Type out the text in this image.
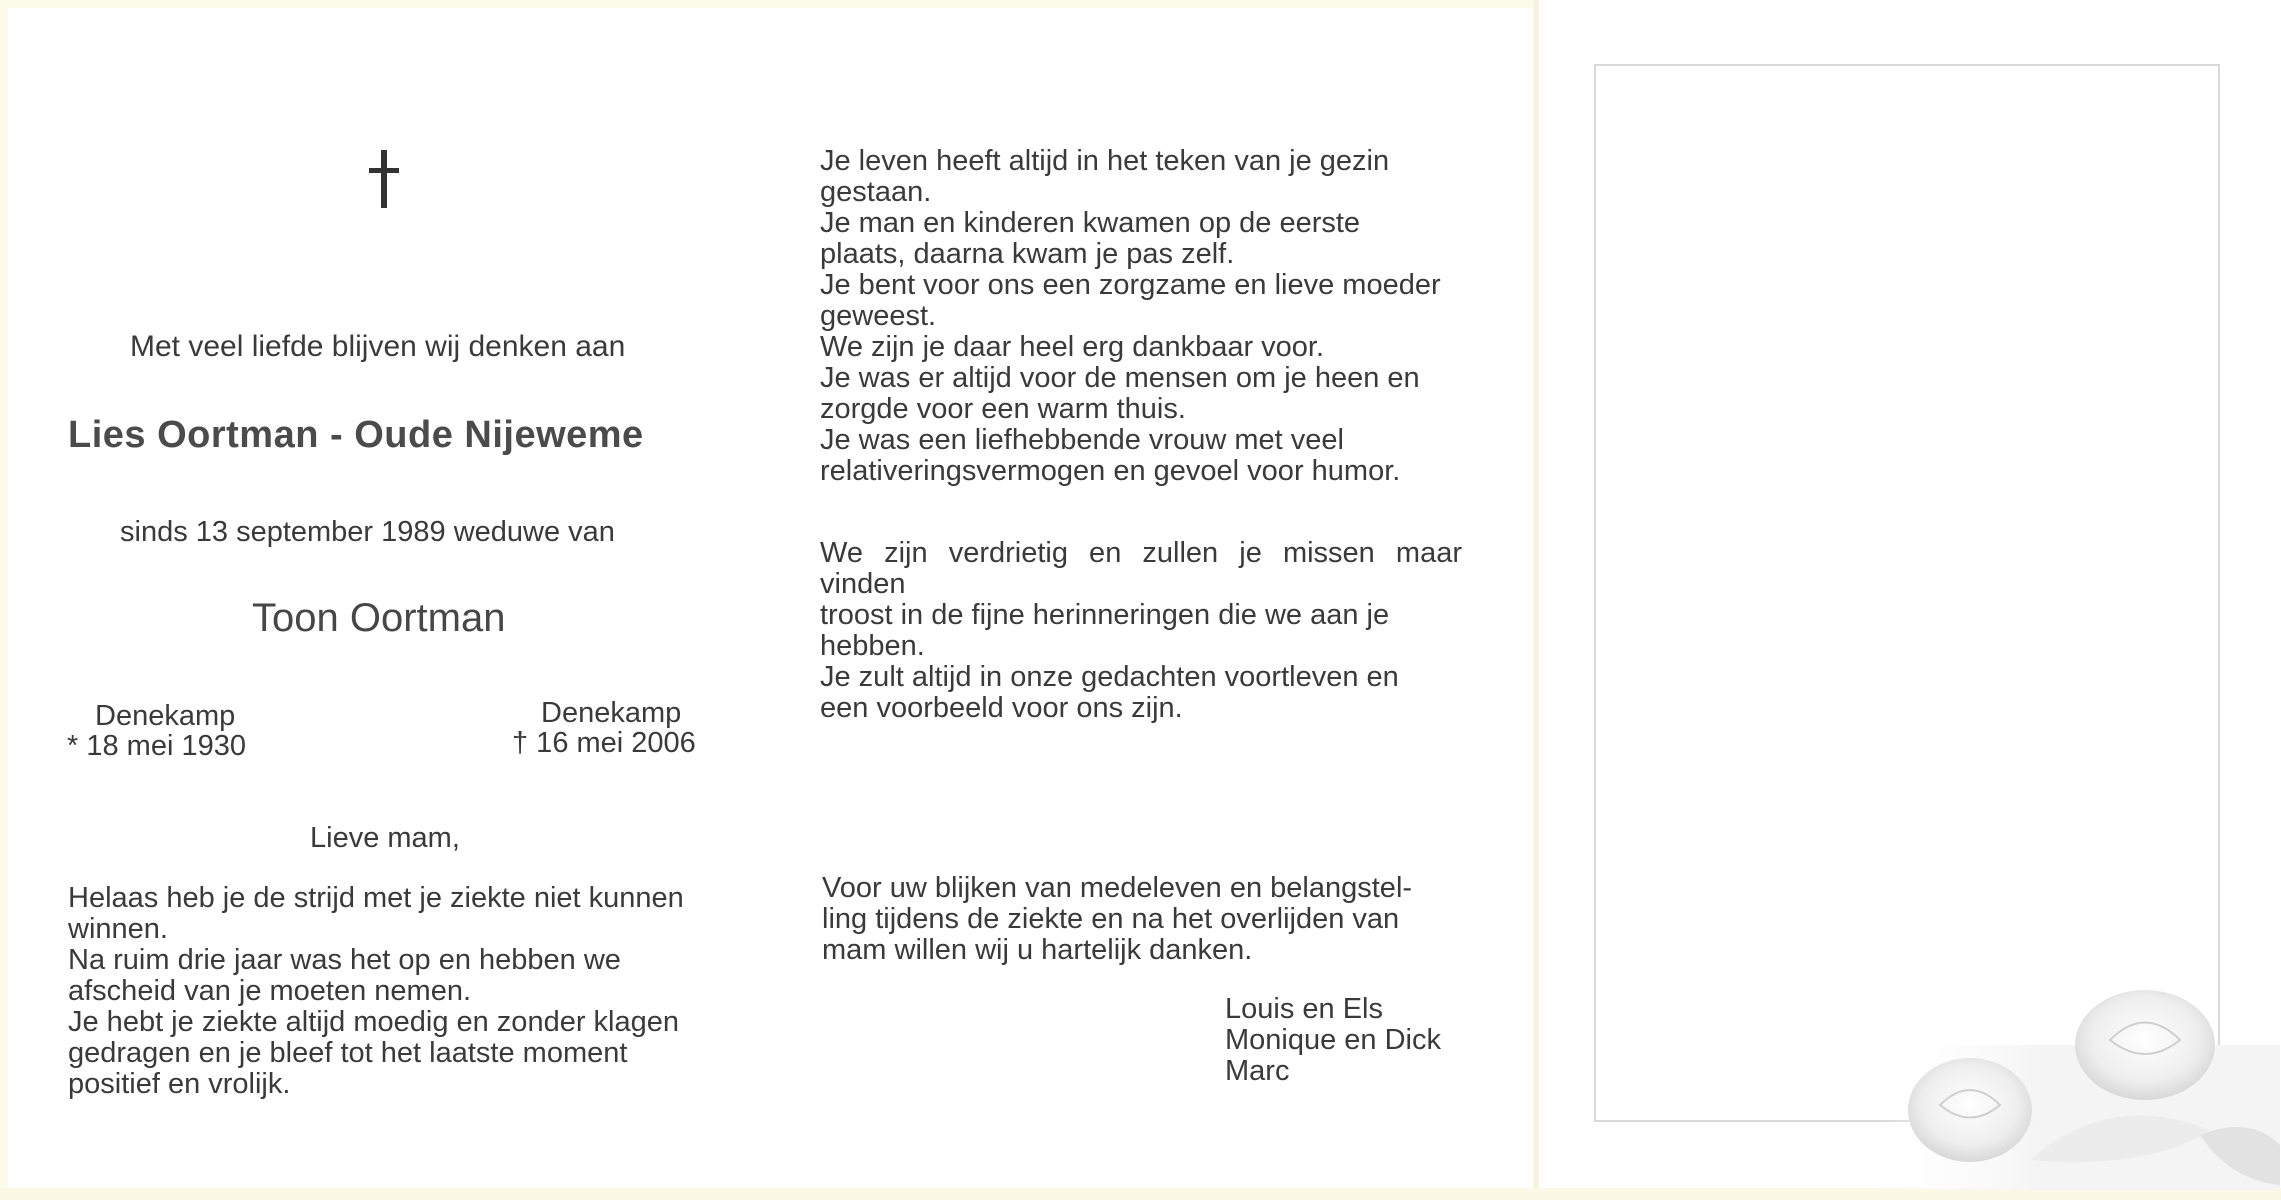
Met veel liefde blijven wij denken aan
Lies Oortman - Oude Nijeweme
sinds 13 september 1989 weduwe van
Toon Oortman
Denekamp
* 18 mei 1930
Denekamp
† 16 mei 2006
Lieve mam,
Helaas heb je de strijd met je ziekte niet kunnen
winnen.
Na ruim drie jaar was het op en hebben we
afscheid van je moeten nemen.
Je hebt je ziekte altijd moedig en zonder klagen
gedragen en je bleef tot het laatste moment
positief en vrolijk.
Je leven heeft altijd in het teken van je gezin
gestaan.
Je man en kinderen kwamen op de eerste
plaats, daarna kwam je pas zelf.
Je bent voor ons een zorgzame en lieve moeder
geweest.
We zijn je daar heel erg dankbaar voor.
Je was er altijd voor de mensen om je heen en
zorgde voor een warm thuis.
Je was een liefhebbende vrouw met veel
relativeringsvermogen en gevoel voor humor.
We zijn verdrietig en zullen je missen maar vinden
troost in de fijne herinneringen die we aan je
hebben.
Je zult altijd in onze gedachten voortleven en
een voorbeeld voor ons zijn.
Voor uw blijken van medeleven en belangstel-
ling tijdens de ziekte en na het overlijden van
mam willen wij u hartelijk danken.
Louis en Els
Monique en Dick
Marc
